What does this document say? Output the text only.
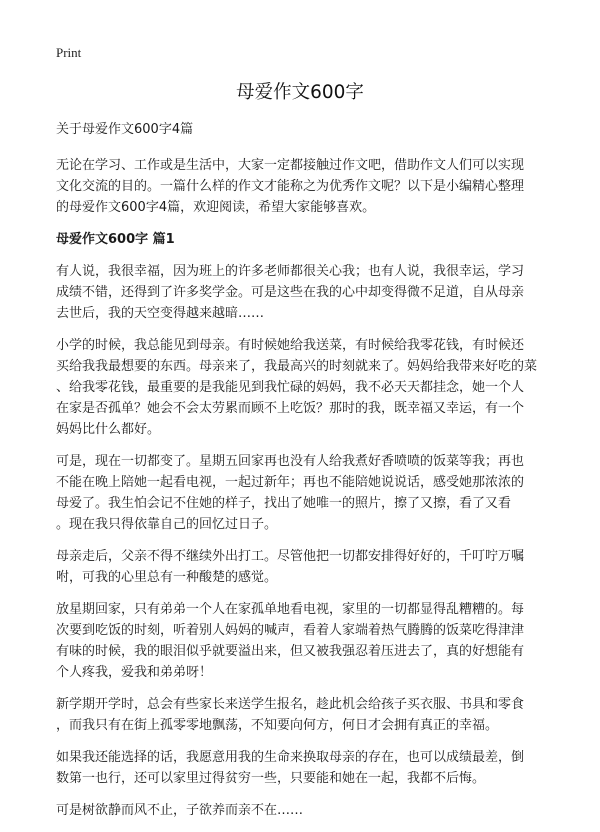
Print
母爱作文600字
关于母爱作文600字4篇
无论在学习、工作或是生活中，大家一定都接触过作文吧，借助作文人们可以实现
文化交流的目的。一篇什么样的作文才能称之为优秀作文呢？以下是小编精心整理
的母爱作文600字4篇，欢迎阅读，希望大家能够喜欢。
母爱作文600字 篇1
有人说，我很幸福，因为班上的许多老师都很关心我；也有人说，我很幸运，学习
成绩不错，还得到了许多奖学金。可是这些在我的心中却变得微不足道，自从母亲
去世后，我的天空变得越来越暗……
小学的时候，我总能见到母亲。有时候她给我送菜，有时候给我零花钱，有时候还
买给我我最想要的东西。母亲来了，我最高兴的时刻就来了。妈妈给我带来好吃的菜
、给我零花钱，最重要的是我能见到我忙碌的妈妈，我不必天天都挂念，她一个人
在家是否孤单？她会不会太劳累而顾不上吃饭？那时的我，既幸福又幸运，有一个
妈妈比什么都好。
可是，现在一切都变了。星期五回家再也没有人给我煮好香喷喷的饭菜等我；再也
不能在晚上陪她一起看电视，一起过新年；再也不能陪她说说话，感受她那浓浓的
母爱了。我生怕会记不住她的样子，找出了她唯一的照片，擦了又擦，看了又看
。现在我只得依靠自己的回忆过日子。
母亲走后，父亲不得不继续外出打工。尽管他把一切都安排得好好的，千叮咛万嘱
咐，可我的心里总有一种酸楚的感觉。
放星期回家，只有弟弟一个人在家孤单地看电视，家里的一切都显得乱糟糟的。每
次要到吃饭的时刻，听着别人妈妈的喊声，看着人家端着热气腾腾的饭菜吃得津津
有味的时候，我的眼泪似乎就要溢出来，但又被我强忍着压进去了，真的好想能有
个人疼我，爱我和弟弟呀！
新学期开学时，总会有些家长来送学生报名，趁此机会给孩子买衣服、书具和零食
，而我只有在街上孤零零地飘荡，不知要向何方，何日才会拥有真正的幸福。
如果我还能选择的话，我愿意用我的生命来换取母亲的存在，也可以成绩最差，倒
数第一也行，还可以家里过得贫穷一些，只要能和她在一起，我都不后悔。
可是树欲静而风不止，子欲养而亲不在……
